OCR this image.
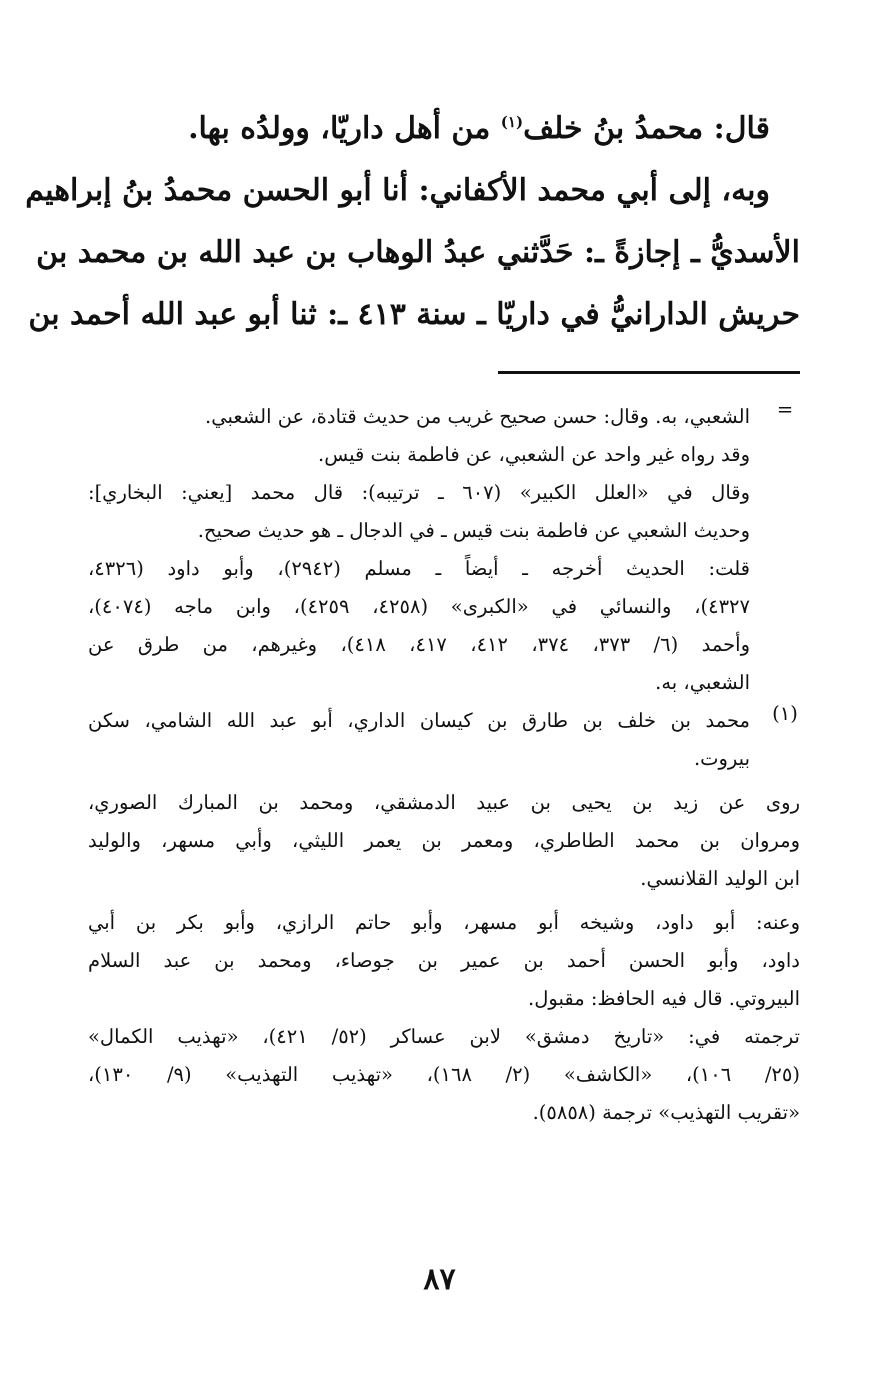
قال: محمدُ بنُ خلف$^{(١)}$ من أهل داريّا، وولدُه بها.
وبه، إلى أبي محمد الأكفاني: أنا أبو الحسن محمدُ بنُ إبراهيم
الأسديُّ ـ إجازةً ـ: حَدَّثني عبدُ الوهاب بن عبد الله بن محمد بن
حريش الدارانيُّ في داريّا ـ سنة ٤١٣ ـ: ثنا أبو عبد الله أحمد بن
=
الشعبي، به. وقال: حسن صحيح غريب من حديث قتادة، عن الشعبي.
وقد رواه غير واحد عن الشعبي، عن فاطمة بنت قيس.
وقال في «العلل الكبير» (٦٠٧ ـ ترتيبه): قال محمد [يعني: البخاري]:
وحديث الشعبي عن فاطمة بنت قيس ـ في الدجال ـ هو حديث صحيح.
قلت: الحديث أخرجه ـ أيضاً ـ مسلم (٢٩٤٢)، وأبو داود (٤٣٢٦،
٤٣٢٧)، والنسائي في «الكبرى» (٤٢٥٨، ٤٢٥٩)، وابن ماجه (٤٠٧٤)،
وأحمد (٦/ ٣٧٣، ٣٧٤، ٤١٢، ٤١٧، ٤١٨)، وغيرهم، من طرق عن
الشعبي، به.
(١)
محمد بن خلف بن طارق بن كيسان الداري، أبو عبد الله الشامي، سكن
بيروت.
روى عن زيد بن يحيى بن عبيد الدمشقي، ومحمد بن المبارك الصوري،
ومروان بن محمد الطاطري، ومعمر بن يعمر الليثي، وأبي مسهر، والوليد
ابن الوليد القلانسي.
وعنه: أبو داود، وشيخه أبو مسهر، وأبو حاتم الرازي، وأبو بكر بن أبي
داود، وأبو الحسن أحمد بن عمير بن جوصاء، ومحمد بن عبد السلام
البيروتي. قال فيه الحافظ: مقبول.
ترجمته في: «تاريخ دمشق» لابن عساكر (٥٢/ ٤٢١)، «تهذيب الكمال»
(٢٥/ ١٠٦)، «الكاشف» (٢/ ١٦٨)، «تهذيب التهذيب» (٩/ ١٣٠)،
«تقريب التهذيب» ترجمة (٥٨٥٨).
٨٧
